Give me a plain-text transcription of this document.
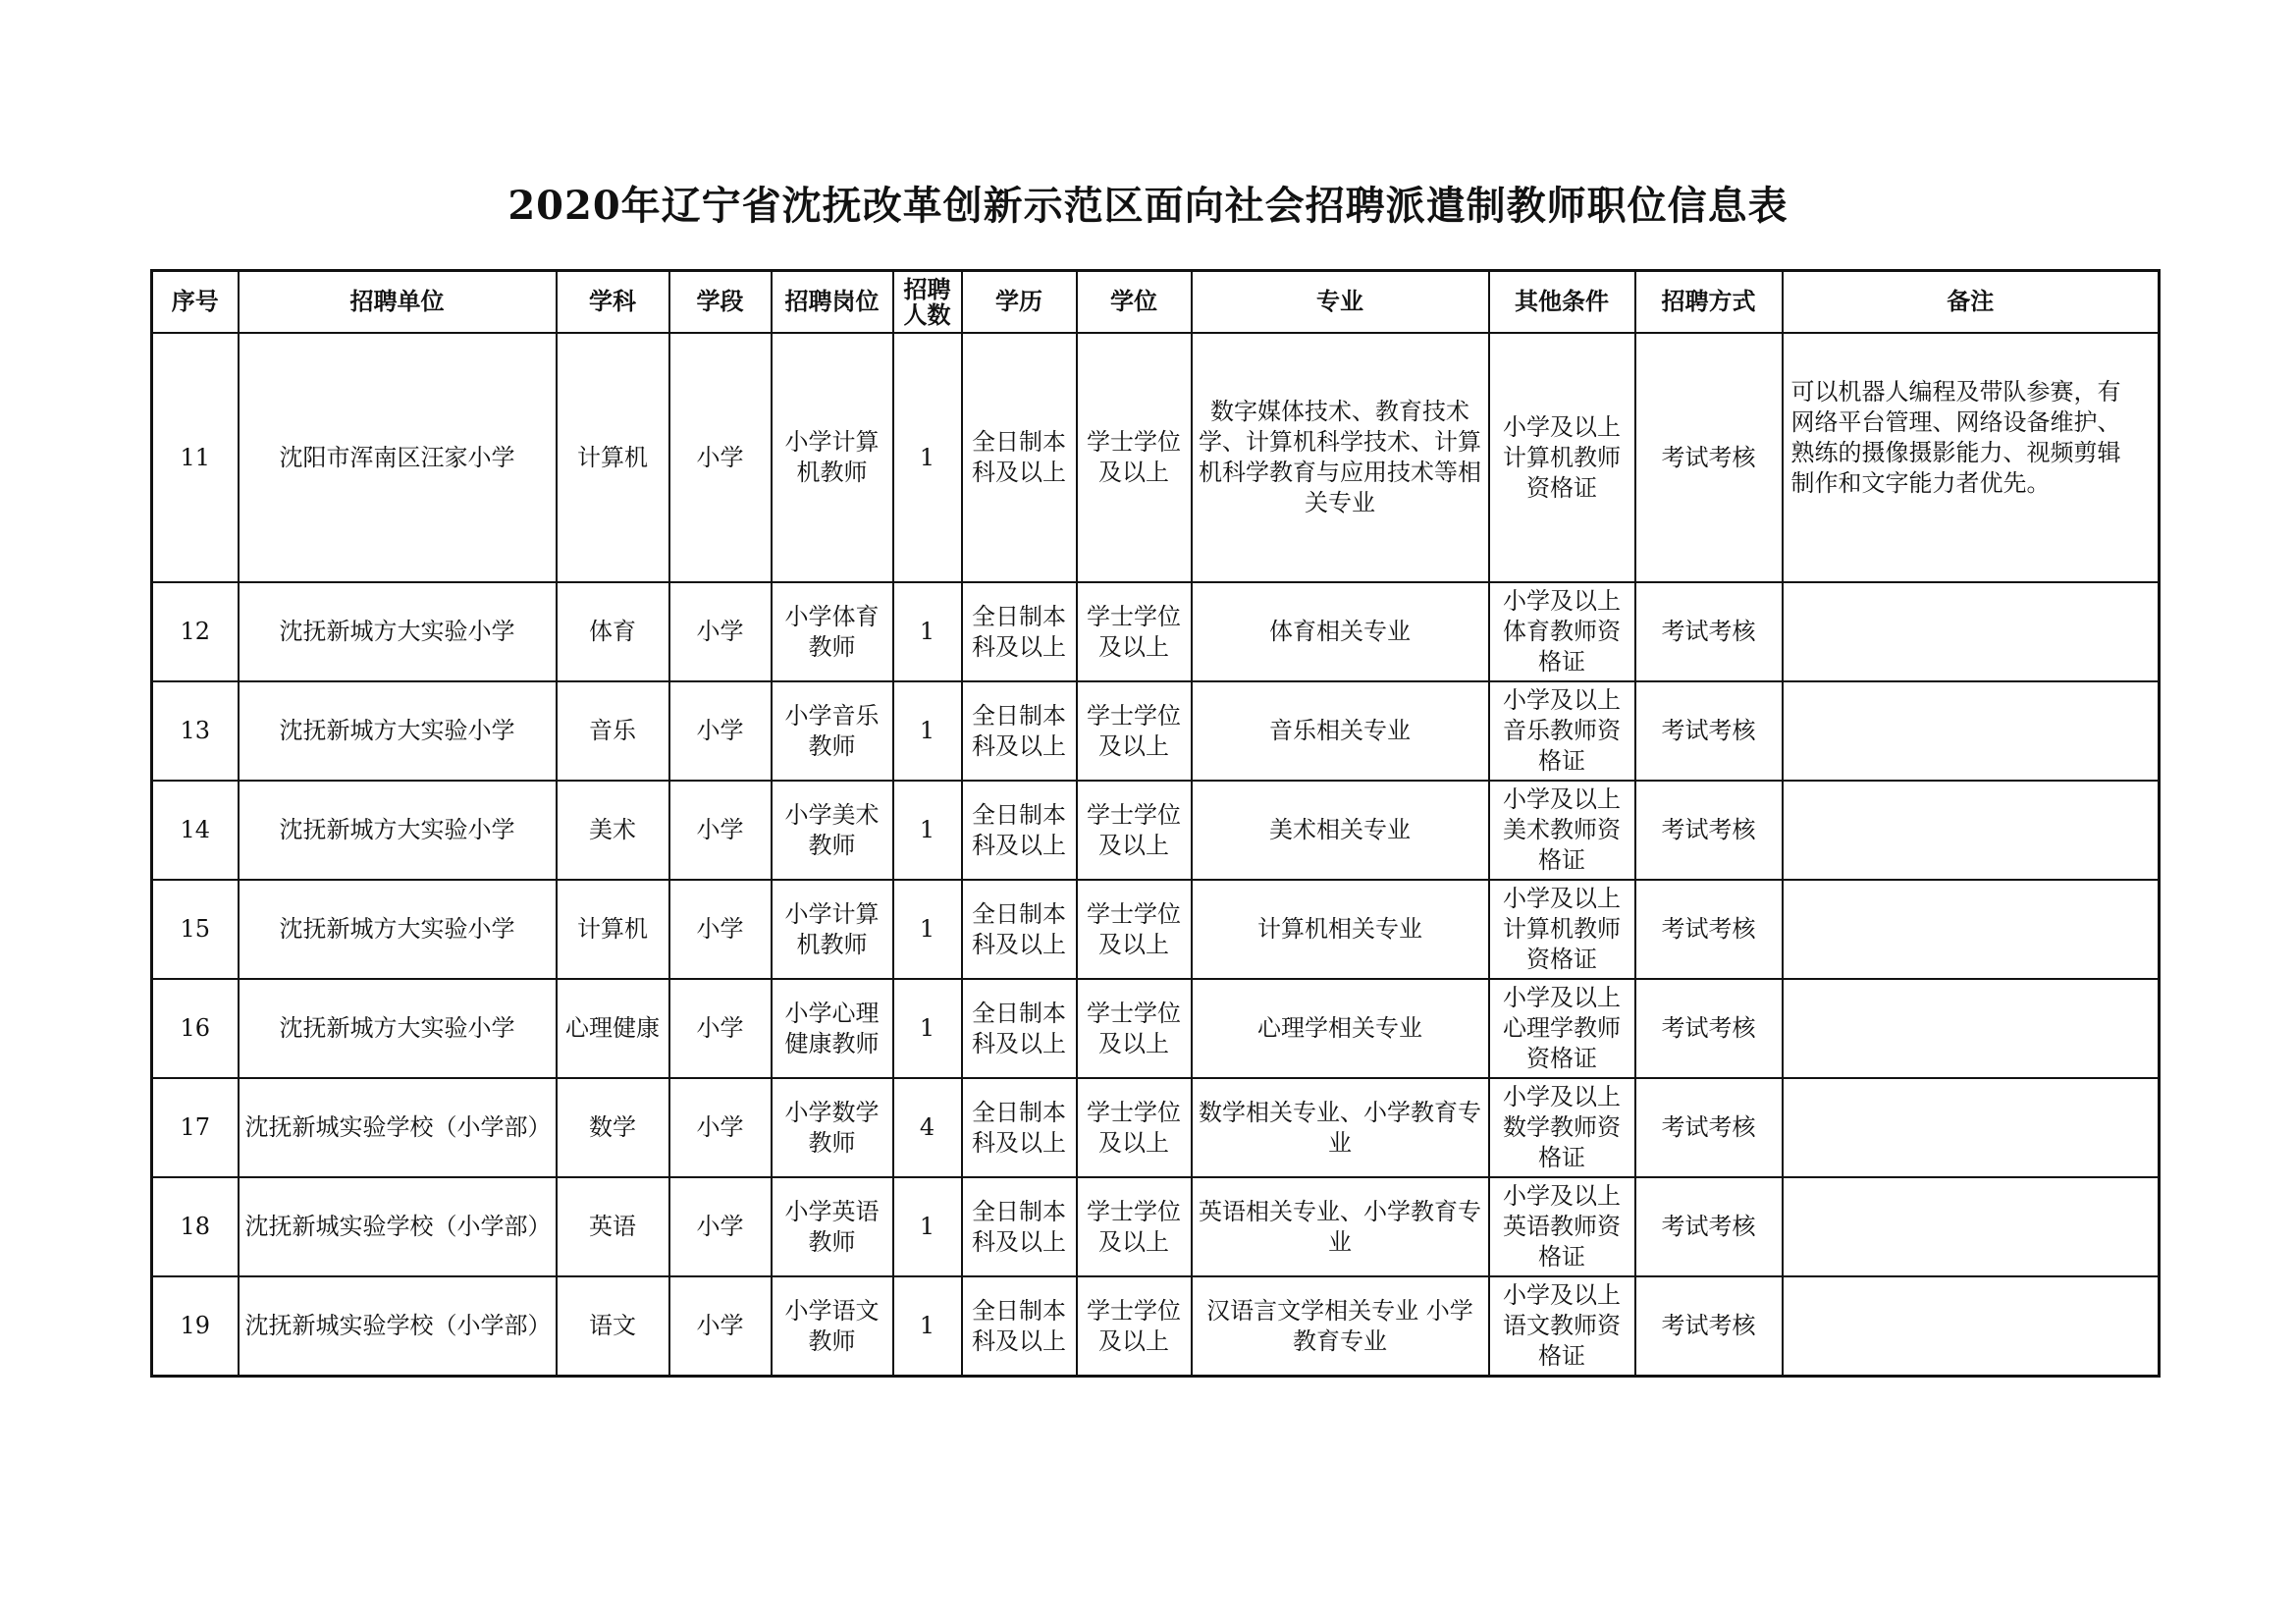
2020年辽宁省沈抚改革创新示范区面向社会招聘派遣制教师职位信息表
序号	招聘单位	学科	学段	招聘岗位	招聘人数	学历	学位	专业	其他条件	招聘方式	备注
11	沈阳市浑南区汪家小学	计算机	小学	小学计算机教师	1	全日制本科及以上	学士学位及以上	数字媒体技术、教育技术学、计算机科学技术、计算机科学教育与应用技术等相关专业	小学及以上计算机教师资格证	考试考核	可以机器人编程及带队参赛，有网络平台管理、网络设备维护、熟练的摄像摄影能力、视频剪辑制作和文字能力者优先。
12	沈抚新城方大实验小学	体育	小学	小学体育教师	1	全日制本科及以上	学士学位及以上	体育相关专业	小学及以上体育教师资格证	考试考核	
13	沈抚新城方大实验小学	音乐	小学	小学音乐教师	1	全日制本科及以上	学士学位及以上	音乐相关专业	小学及以上音乐教师资格证	考试考核	
14	沈抚新城方大实验小学	美术	小学	小学美术教师	1	全日制本科及以上	学士学位及以上	美术相关专业	小学及以上美术教师资格证	考试考核	
15	沈抚新城方大实验小学	计算机	小学	小学计算机教师	1	全日制本科及以上	学士学位及以上	计算机相关专业	小学及以上计算机教师资格证	考试考核	
16	沈抚新城方大实验小学	心理健康	小学	小学心理健康教师	1	全日制本科及以上	学士学位及以上	心理学相关专业	小学及以上心理学教师资格证	考试考核	
17	沈抚新城实验学校（小学部）	数学	小学	小学数学教师	4	全日制本科及以上	学士学位及以上	数学相关专业、小学教育专业	小学及以上数学教师资格证	考试考核	
18	沈抚新城实验学校（小学部）	英语	小学	小学英语教师	1	全日制本科及以上	学士学位及以上	英语相关专业、小学教育专业	小学及以上英语教师资格证	考试考核	
19	沈抚新城实验学校（小学部）	语文	小学	小学语文教师	1	全日制本科及以上	学士学位及以上	汉语言文学相关专业 小学教育专业	小学及以上语文教师资格证	考试考核	
